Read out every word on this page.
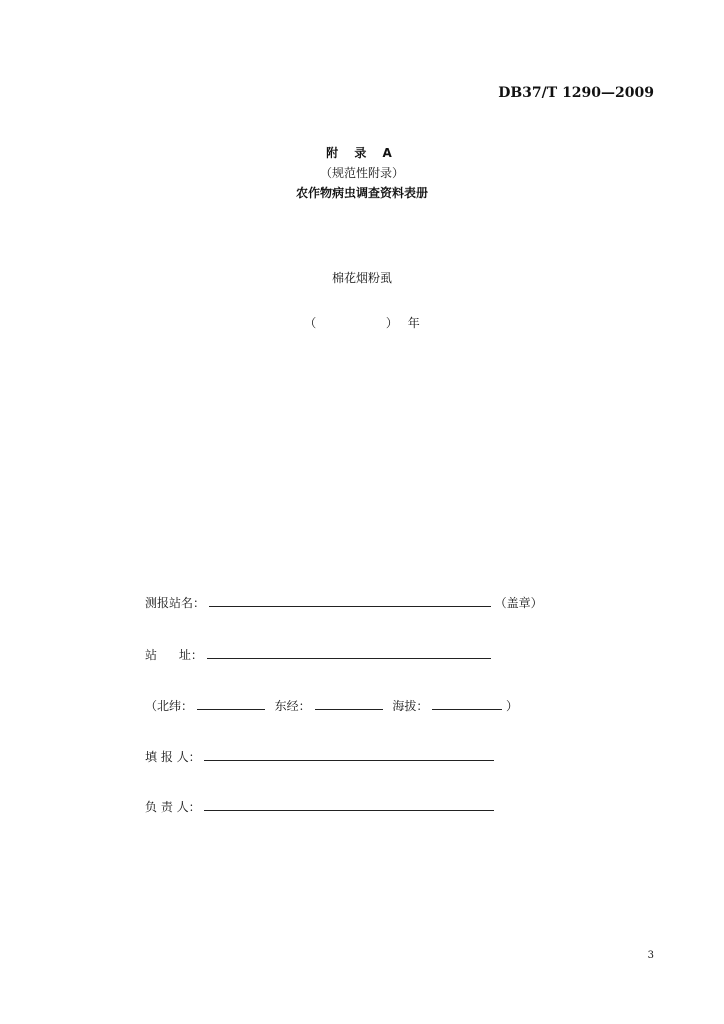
DB37/T 1290—2009
附 录 A
（规范性附录）
农作物病虫调查资料表册
棉花烟粉虱
（	） 年
测报站名：	（盖章）
站 址：
（北纬：	东经：	海拔：	）
填 报 人：
负 责 人：
3
